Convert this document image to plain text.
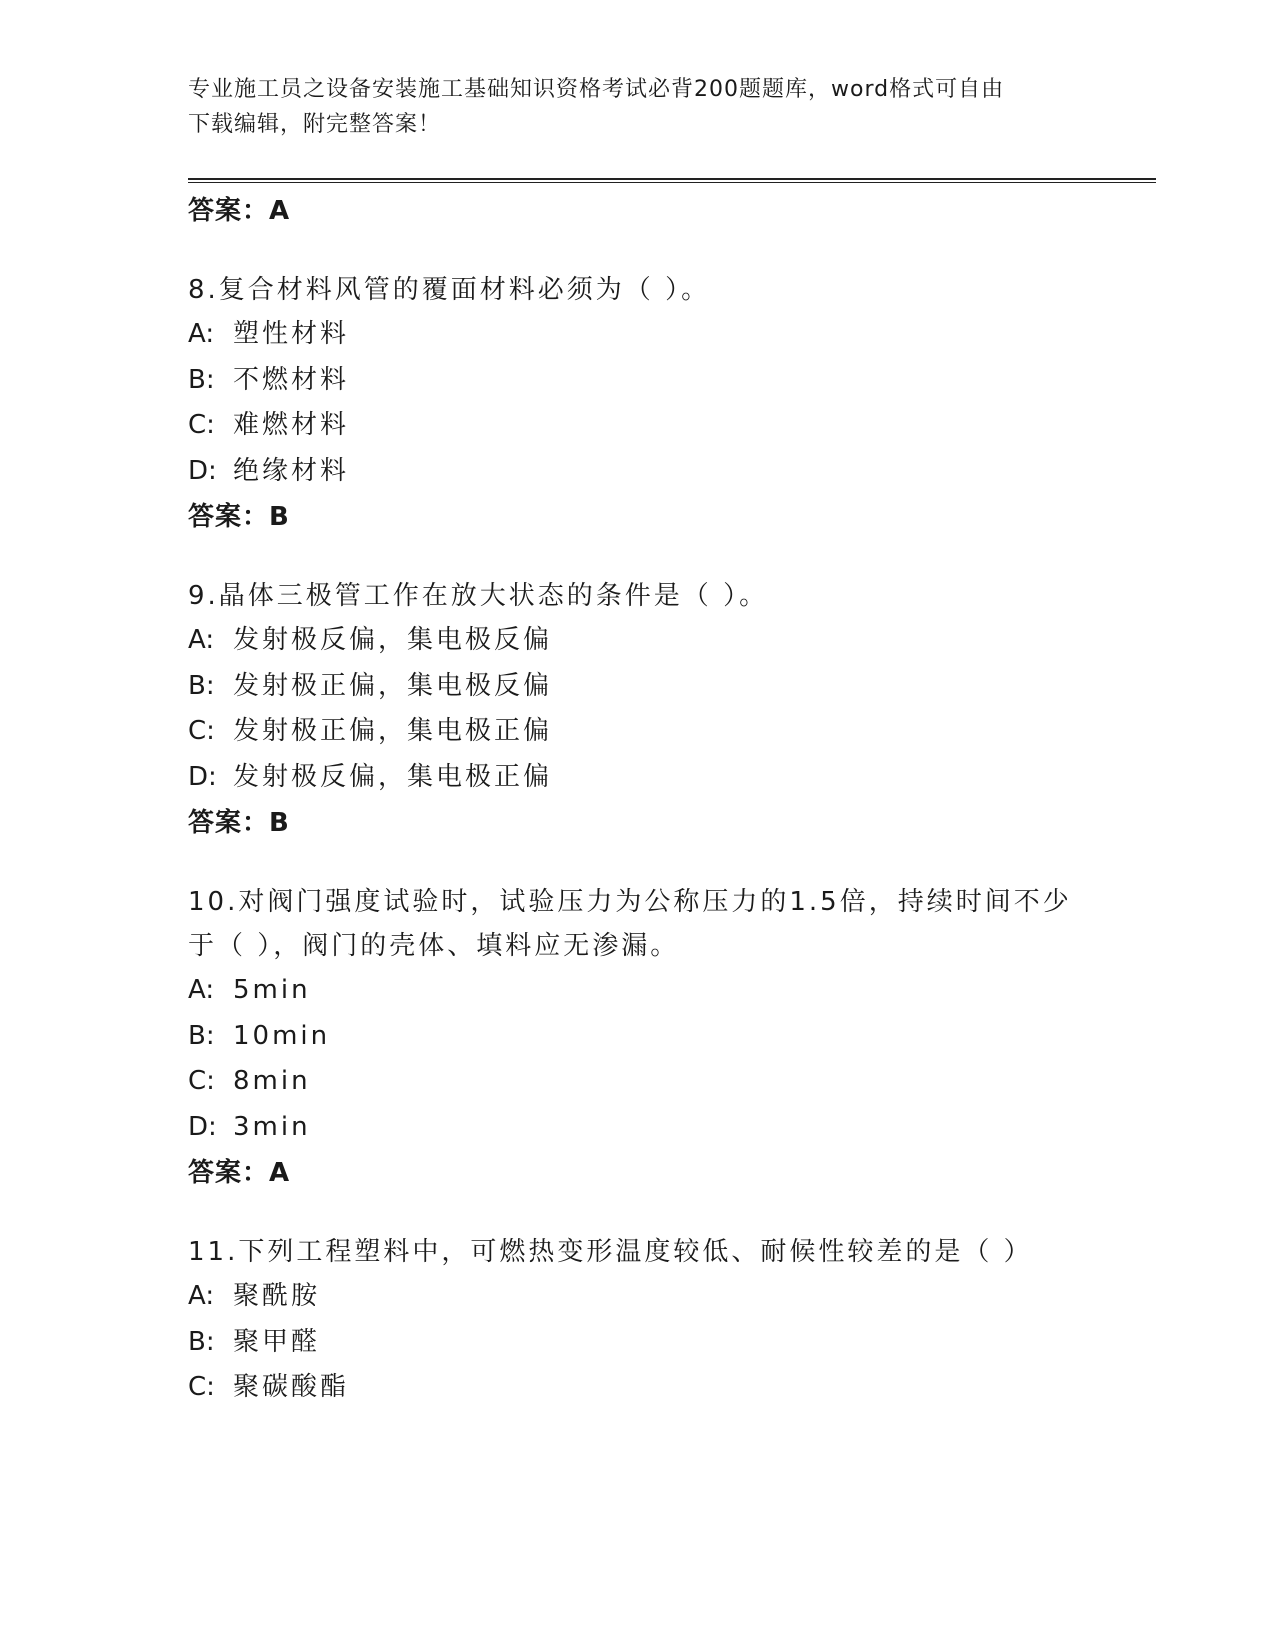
专业施工员之设备安装施工基础知识资格考试必背200题题库，word格式可自由
下载编辑，附完整答案！
答案：A
8.复合材料风管的覆面材料必须为（ ）。
A: 塑性材料
B: 不燃材料
C: 难燃材料
D: 绝缘材料
答案：B
9.晶体三极管工作在放大状态的条件是（ ）。
A: 发射极反偏，集电极反偏
B: 发射极正偏，集电极反偏
C: 发射极正偏，集电极正偏
D: 发射极反偏，集电极正偏
答案：B
10.对阀门强度试验时，试验压力为公称压力的1.5倍，持续时间不少于（ ），阀门的壳体、填料应无渗漏。
A: 5min
B: 10min
C: 8min
D: 3min
答案：A
11.下列工程塑料中，可燃热变形温度较低、耐候性较差的是（ ）
A: 聚酰胺
B: 聚甲醛
C: 聚碳酸酯
